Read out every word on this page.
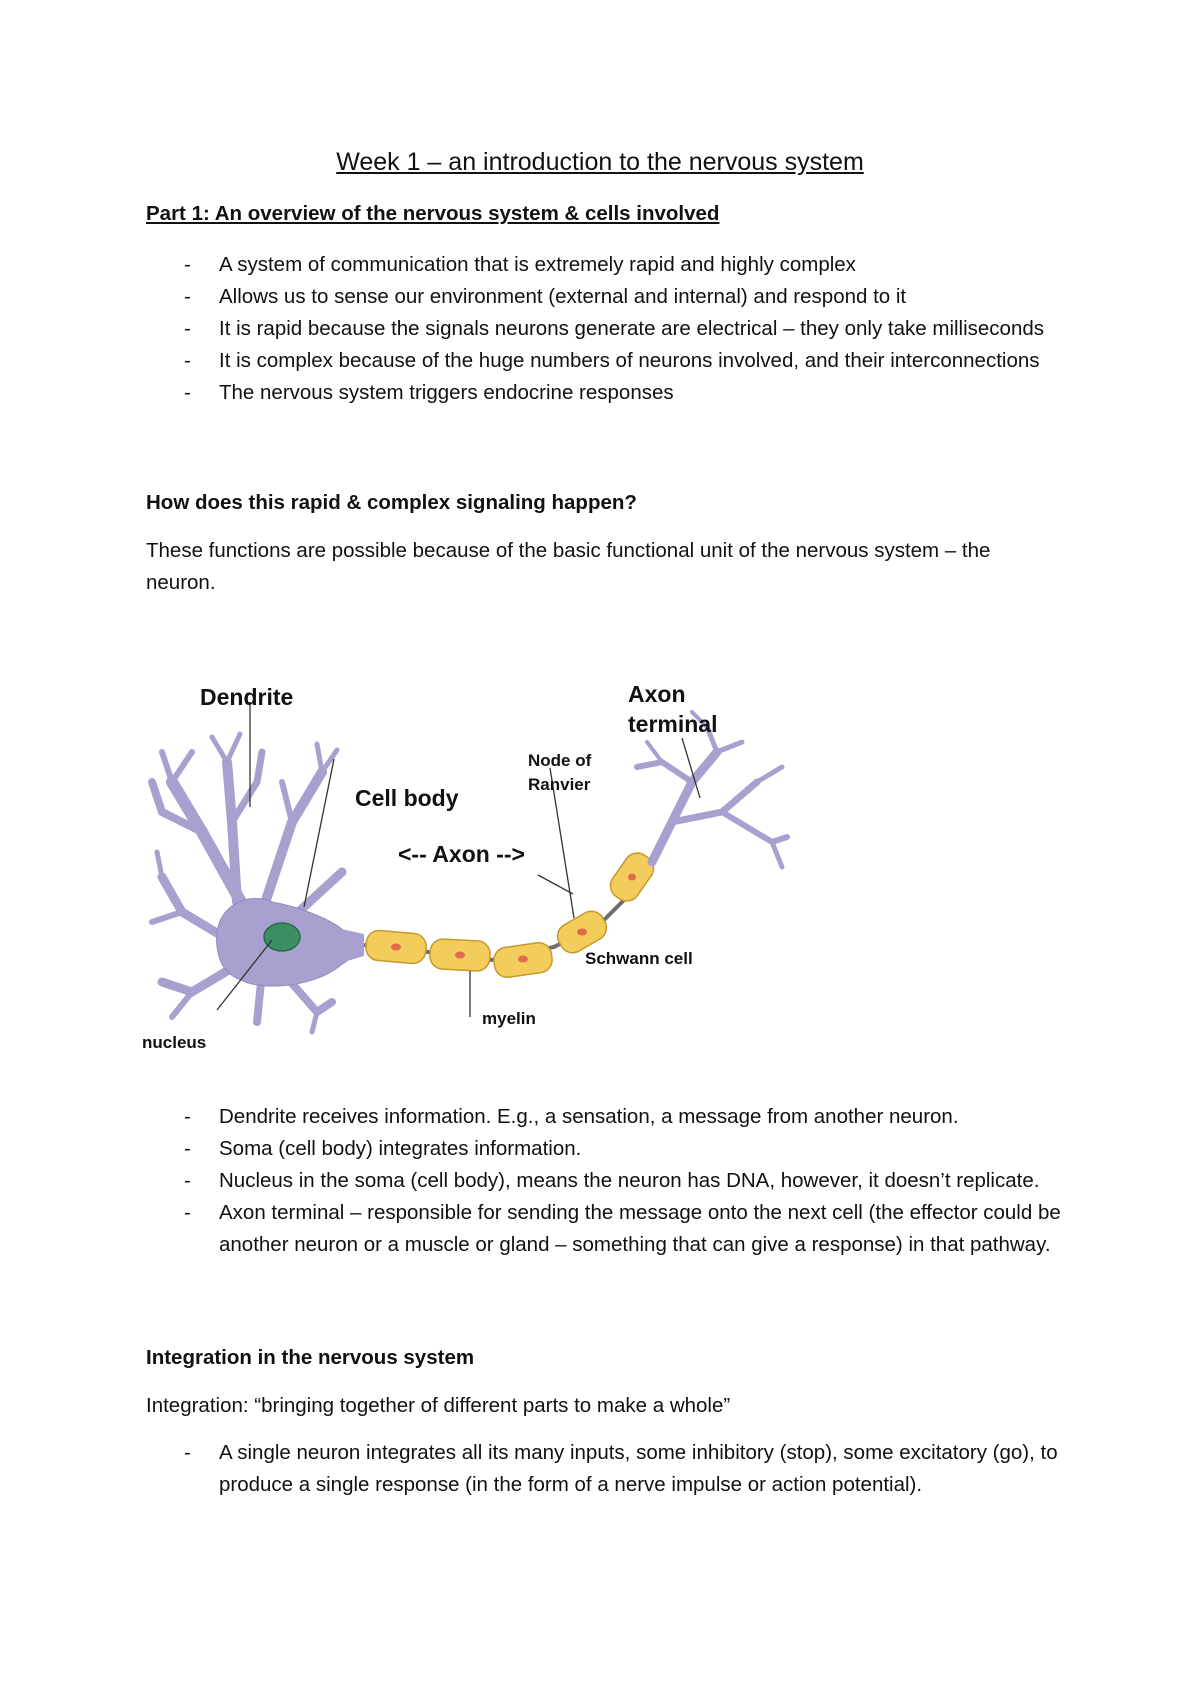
Week 1 – an introduction to the nervous system
Part 1: An overview of the nervous system & cells involved
- A system of communication that is extremely rapid and highly complex
- Allows us to sense our environment (external and internal) and respond to it
- It is rapid because the signals neurons generate are electrical – they only take milliseconds
- It is complex because of the huge numbers of neurons involved, and their interconnections
- The nervous system triggers endocrine responses
How does this rapid & complex signaling happen?
These functions are possible because of the basic functional unit of the nervous system – the neuron.
Dendrite	Axon
terminal
Node of
Ranvier
Cell body
<-- Axon -->
Schwann cell
myelin
nucleus
- Dendrite receives information. E.g., a sensation, a message from another neuron.
- Soma (cell body) integrates information.
- Nucleus in the soma (cell body), means the neuron has DNA, however, it doesn’t replicate.
- Axon terminal – responsible for sending the message onto the next cell (the effector could be another neuron or a muscle or gland – something that can give a response) in that pathway.
Integration in the nervous system
Integration: “bringing together of different parts to make a whole”
- A single neuron integrates all its many inputs, some inhibitory (stop), some excitatory (go), to produce a single response (in the form of a nerve impulse or action potential).
